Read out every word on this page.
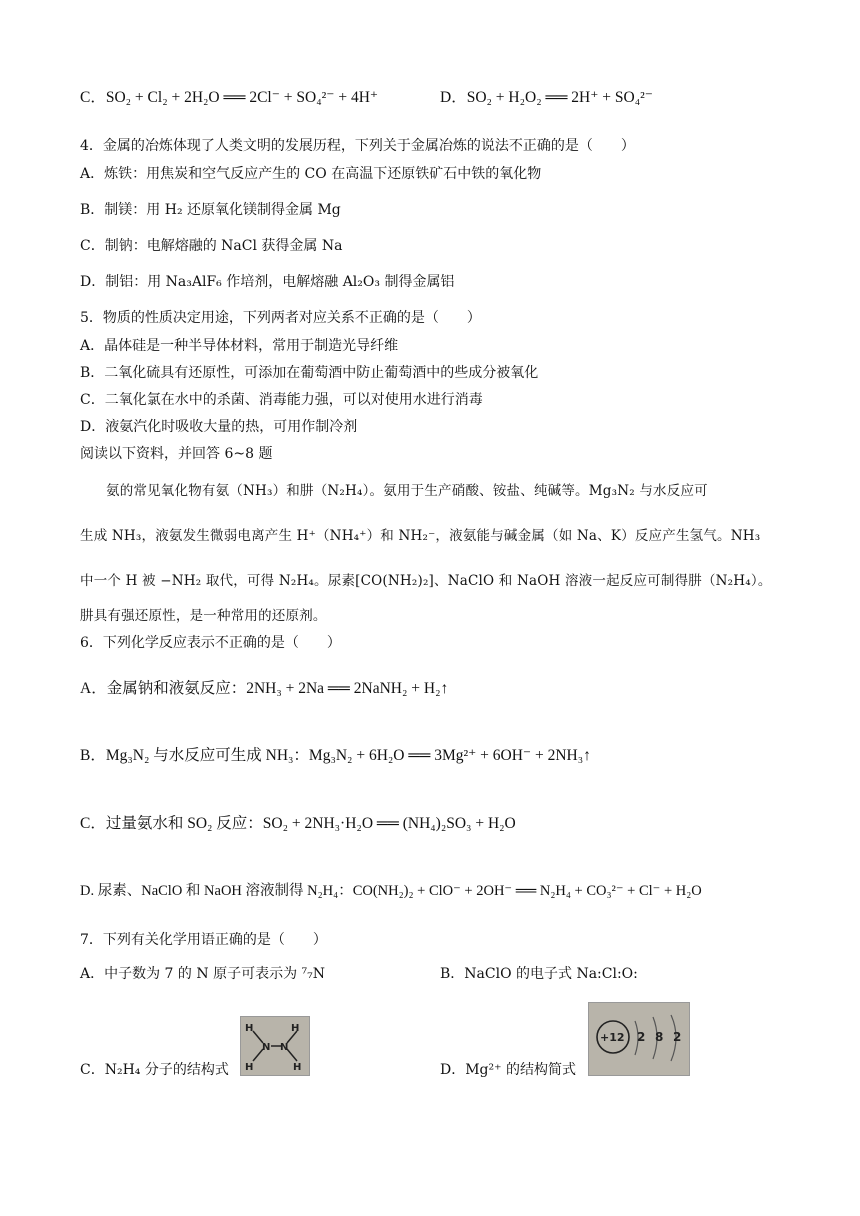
C．SO₂ + Cl₂ + 2H₂O ══ 2Cl⁻ + SO₄²⁻ + 4H⁺	D．SO₂ + H₂O₂ ══ 2H⁺ + SO₄²⁻
4．金属的冶炼体现了人类文明的发展历程，下列关于金属冶炼的说法不正确的是（　　）
A．炼铁：用焦炭和空气反应产生的 CO 在高温下还原铁矿石中铁的氧化物
B．制镁：用 H₂ 还原氧化镁制得金属 Mg
C．制钠：电解熔融的 NaCl 获得金属 Na
D．制铝：用 Na₃AlF₆ 作培剂，电解熔融 Al₂O₃ 制得金属铝
5．物质的性质决定用途，下列两者对应关系不正确的是（　　）
A．晶体硅是一种半导体材料，常用于制造光导纤维
B．二氧化硫具有还原性，可添加在葡萄酒中防止葡萄酒中的些成分被氧化
C．二氧化氯在水中的杀菌、消毒能力强，可以对使用水进行消毒
D．液氨汽化时吸收大量的热，可用作制冷剂
阅读以下资料，并回答 6~8 题
氨的常见氧化物有氨（NH₃）和肼（N₂H₄）。氨用于生产硝酸、铵盐、纯碱等。Mg₃N₂ 与水反应可
生成 NH₃，液氨发生微弱电离产生 H⁺（NH₄⁺）和 NH₂⁻，液氨能与碱金属（如 Na、K）反应产生氢气。NH₃
中一个 H 被 −NH₂ 取代，可得 N₂H₄。尿素[CO(NH₂)₂]、NaClO 和 NaOH 溶液一起反应可制得肼（N₂H₄）。
肼具有强还原性，是一种常用的还原剂。
6．下列化学反应表示不正确的是（　　）
A．金属钠和液氨反应：2NH₃ + 2Na ══ 2NaNH₂ + H₂↑
B．Mg₃N₂ 与水反应可生成 NH₃：Mg₃N₂ + 6H₂O ══ 3Mg²⁺ + 6OH⁻ + 2NH₃↑
C．过量氨水和 SO₂ 反应：SO₂ + 2NH₃·H₂O ══ (NH₄)₂SO₃ + H₂O
D. 尿素、NaClO 和 NaOH 溶液制得 N₂H₄：CO(NH₂)₂ + ClO⁻ + 2OH⁻ ══ N₂H₄ + CO₃²⁻ + Cl⁻ + H₂O
7．下列有关化学用语正确的是（　　）
A．中子数为 7 的 N 原子可表示为 ⁷₇N	B．NaClO 的电子式 Na:Cl:O:
C．N₂H₄ 分子的结构式	D．Mg²⁺ 的结构简式
H	H
N N
H	H
+12 2 8 2
